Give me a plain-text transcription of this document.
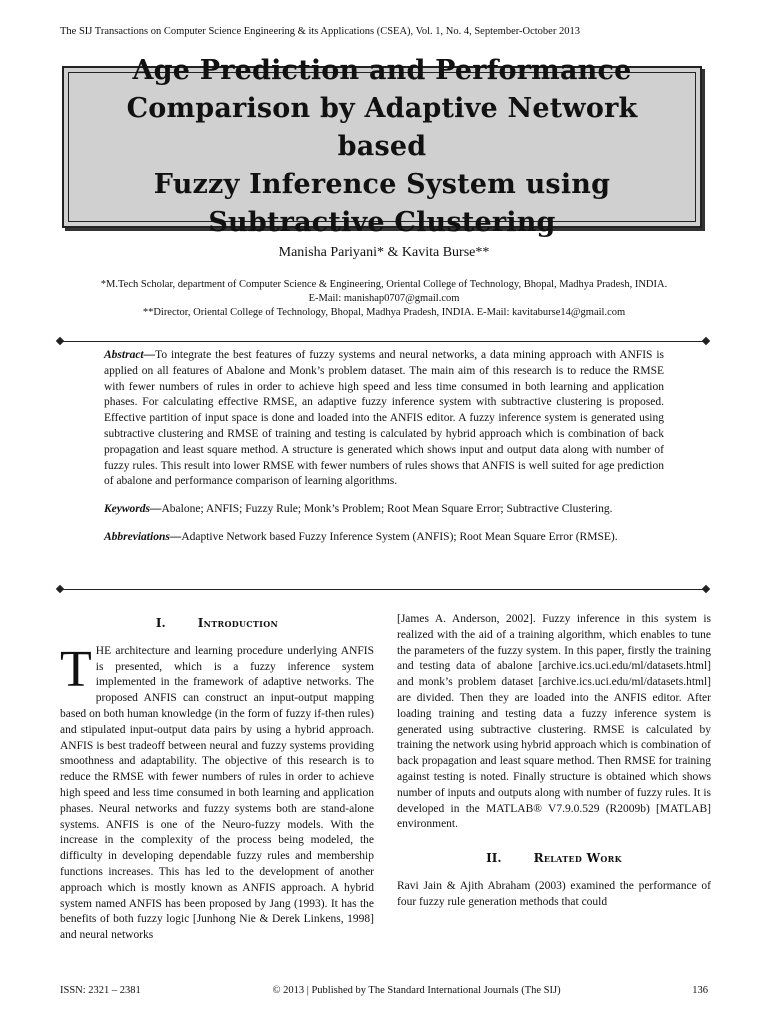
The SIJ Transactions on Computer Science Engineering & its Applications (CSEA), Vol. 1, No. 4, September-October 2013
Age Prediction and Performance
Comparison by Adaptive Network based
Fuzzy Inference System using
Subtractive Clustering
Manisha Pariyani* & Kavita Burse**
*M.Tech Scholar, department of Computer Science & Engineering, Oriental College of Technology, Bhopal, Madhya Pradesh, INDIA.
E-Mail: manishap0707@gmail.com
**Director, Oriental College of Technology, Bhopal, Madhya Pradesh, INDIA. E-Mail: kavitaburse14@gmail.com

Abstract—To integrate the best features of fuzzy systems and neural networks, a data mining approach with ANFIS is applied on all features of Abalone and Monk’s problem dataset. The main aim of this research is to reduce the RMSE with fewer numbers of rules in order to achieve high speed and less time consumed in both learning and application phases. For calculating effective RMSE, an adaptive fuzzy inference system with subtractive clustering is proposed. Effective partition of input space is done and loaded into the ANFIS editor. A fuzzy inference system is generated using subtractive clustering and RMSE of training and testing is calculated by hybrid approach which is combination of back propagation and least square method. A structure is generated which shows input and output data along with number of fuzzy rules. This result into lower RMSE with fewer numbers of rules shows that ANFIS is well suited for age prediction of abalone and performance comparison of learning algorithms.

Keywords—Abalone; ANFIS; Fuzzy Rule; Monk’s Problem; Root Mean Square Error; Subtractive Clustering.

Abbreviations—Adaptive Network based Fuzzy Inference System (ANFIS); Root Mean Square Error (RMSE).

I.	Introduction

THE architecture and learning procedure underlying ANFIS is presented, which is a fuzzy inference system implemented in the framework of adaptive networks. The proposed ANFIS can construct an input-output mapping based on both human knowledge (in the form of fuzzy if-then rules) and stipulated input-output data pairs by using a hybrid approach. ANFIS is best tradeoff between neural and fuzzy systems providing smoothness and adaptability. The objective of this research is to reduce the RMSE with fewer numbers of rules in order to achieve high speed and less time consumed in both learning and application phases. Neural networks and fuzzy systems both are stand-alone systems. ANFIS is one of the Neuro-fuzzy models. With the increase in the complexity of the process being modeled, the difficulty in developing dependable fuzzy rules and membership functions increases. This has led to the development of another approach which is mostly known as ANFIS approach. A hybrid system named ANFIS has been proposed by Jang (1993). It has the benefits of both fuzzy logic [Junhong Nie & Derek Linkens, 1998] and neural networks

[James A. Anderson, 2002]. Fuzzy inference in this system is realized with the aid of a training algorithm, which enables to tune the parameters of the fuzzy system. In this paper, firstly the training and testing data of abalone [archive.ics.uci.edu/ml/datasets.html] and monk’s problem dataset [archive.ics.uci.edu/ml/datasets.html] are divided. Then they are loaded into the ANFIS editor. After loading training and testing data a fuzzy inference system is generated using subtractive clustering. RMSE is calculated by training the network using hybrid approach which is combination of back propagation and least square method. Then RMSE for training against testing is noted. Finally structure is obtained which shows number of inputs and outputs along with number of fuzzy rules. It is developed in the MATLAB® V7.9.0.529 (R2009b) [MATLAB] environment.

II.	Related Work

Ravi Jain & Ajith Abraham (2003) examined the performance of four fuzzy rule generation methods that could

ISSN: 2321 – 2381	© 2013 | Published by The Standard International Journals (The SIJ)	136
